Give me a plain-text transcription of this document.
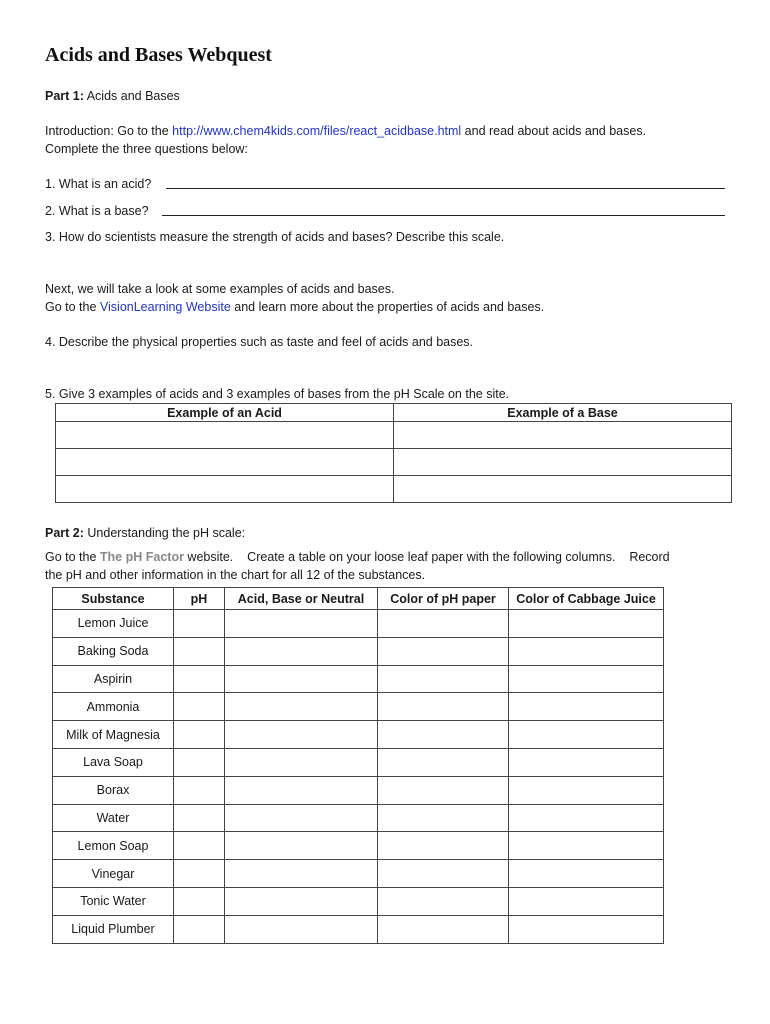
Acids and Bases Webquest
Part 1: Acids and Bases
Introduction: Go to the http://www.chem4kids.com/files/react_acidbase.html and read about acids and bases.
Complete the three questions below:
1. What is an acid?
2. What is a base?
3. How do scientists measure the strength of acids and bases? Describe this scale.
Next, we will take a look at some examples of acids and bases.
Go to the VisionLearning Website and learn more about the properties of acids and bases.
4. Describe the physical properties such as taste and feel of acids and bases.
5. Give 3 examples of acids and 3 examples of bases from the pH Scale on the site.
Example of an Acid	Example of a Base

Part 2: Understanding the pH scale:
Go to the The pH Factor website.    Create a table on your loose leaf paper with the following columns.    Record
the pH and other information in the chart for all 12 of the substances.
Substance	pH	Acid, Base or Neutral	Color of pH paper	Color of Cabbage Juice
Lemon Juice				
Baking Soda				
Aspirin				
Ammonia				
Milk of Magnesia				
Lava Soap				
Borax				
Water				
Lemon Soap				
Vinegar				
Tonic Water				
Liquid Plumber				
